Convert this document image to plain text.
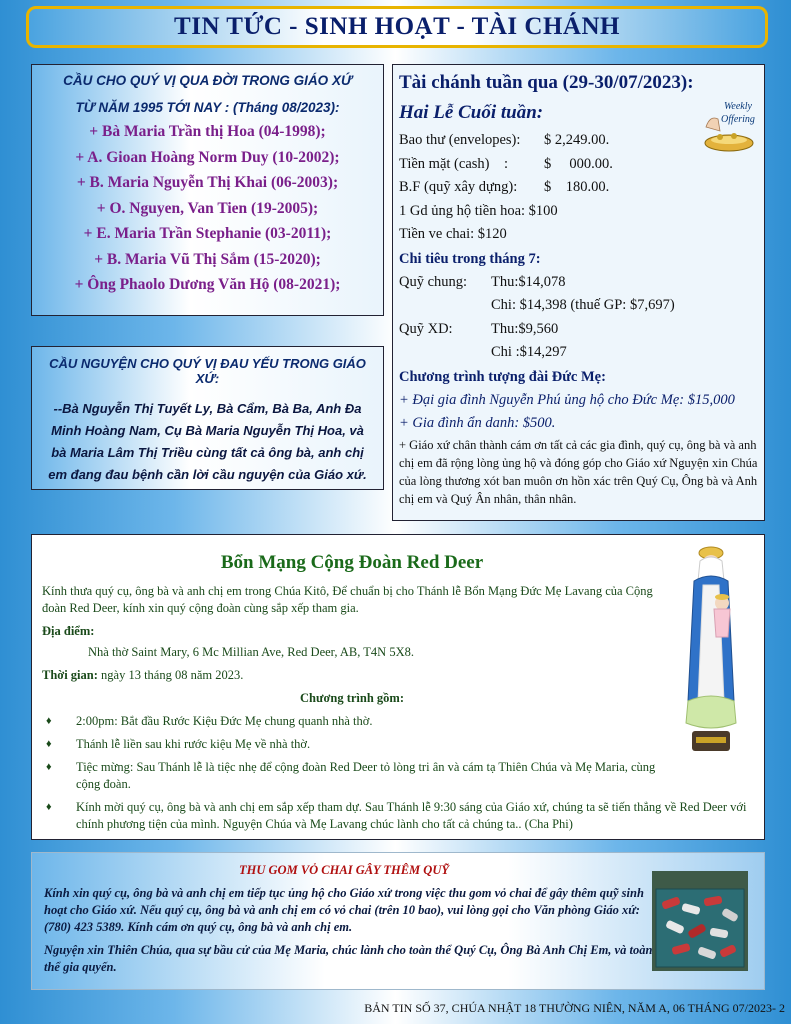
TIN TỨC - SINH HOẠT - TÀI CHÁNH
CẦU CHO QUÝ VỊ QUA ĐỜI TRONG GIÁO XỨ
TỪ NĂM 1995 TỚI NAY : (Tháng 08/2023):
+ Bà Maria Trần thị Hoa (04-1998);
+ A. Gioan Hoàng Norm Duy (10-2002);
+ B. Maria Nguyễn Thị Khai (06-2003);
+ O. Nguyen, Van Tien (19-2005);
+ E. Maria Trần Stephanie (03-2011);
+ B. Maria Vũ Thị Sắm (15-2020);
+ Ông Phaolo Dương Văn Hộ (08-2021);
CẦU NGUYỆN CHO QUÝ VỊ ĐAU YẾU TRONG GIÁO XỨ:
--Bà Nguyễn Thị Tuyết Ly, Bà Cẩm, Bà Ba, Anh Đa Minh Hoàng Nam, Cụ Bà Maria Nguyễn Thị Hoa, và bà Maria Lâm Thị Triều cùng tất cả ông bà, anh chị em đang đau bệnh cần lời cầu nguyện của Giáo xứ.
Tài chánh tuần qua (29-30/07/2023):
Hai Lễ Cuối tuần:	Weekly
Offering
Bao thư (envelopes): $ 2,249.00.
Tiền mặt (cash)    : $     000.00.
B.F (quỹ xây dựng): $    180.00.
1 Gd ủng hộ tiền hoa: $100
Tiền ve chai: $120
Chi tiêu trong tháng 7:
Quỹ chung: Thu:$14,078
Chi: $14,398 (thuế GP: $7,697)
Quỹ XD:	Thu:$9,560
Chi :$14,297
Chương trình tượng đài Đức Mẹ:
+ Đại gia đình Nguyễn Phú ủng hộ cho Đức Mẹ: $15,000
+ Gia đình ẩn danh: $500.
+ Giáo xứ chân thành cám ơn tất cả các gia đình, quý cụ, ông bà và anh chị em đã rộng lòng ủng hộ và đóng góp cho Giáo xứ Nguyện xin Chúa của lòng thương xót ban muôn ơn hồn xác trên Quý Cụ, Ông bà và Anh chị em và Quý Ân nhân, thân nhân.
Bổn Mạng Cộng Đoàn Red Deer
Kính thưa quý cụ, ông bà và anh chị em trong Chúa Kitô, Để chuẩn bị cho Thánh lễ Bổn Mạng Đức Mẹ Lavang của Cộng đoàn Red Deer, kính xin quý cộng đoàn cùng sắp xếp tham gia.
Địa điểm:
Nhà thờ Saint Mary, 6 Mc Millian Ave, Red Deer, AB, T4N 5X8.
Thời gian: ngày 13 tháng 08 năm 2023.
Chương trình gồm:
♦ 2:00pm: Bắt đầu Rước Kiệu Đức Mẹ chung quanh nhà thờ.
♦ Thánh lễ liền sau khi rước kiệu Mẹ về nhà thờ.
♦ Tiệc mừng: Sau Thánh lễ là tiệc nhẹ để cộng đoàn Red Deer tỏ lòng tri ân và cám tạ Thiên Chúa và Mẹ Maria, cùng cộng đoàn.
♦ Kính mời quý cụ, ông bà và anh chị em sắp xếp tham dự. Sau Thánh lễ 9:30 sáng của Giáo xứ, chúng ta sẽ tiến thẳng về Red Deer với chính phương tiện của mình. Nguyện Chúa và Mẹ Lavang chúc lành cho tất cả chúng ta.. (Cha Phi)
THU GOM VỎ CHAI GÂY THÊM QUỸ
Kính xin quý cụ, ông bà và anh chị em tiếp tục ủng hộ cho Giáo xứ trong việc thu gom vỏ chai để gây thêm quỹ sinh hoạt cho Giáo xứ. Nếu quý cụ, ông bà và anh chị em có vỏ chai (trên 10 bao), vui lòng gọi cho Văn phòng Giáo xứ: (780) 423 5389. Kính cám ơn quý cụ, ông bà và anh chị em.
Nguyện xin Thiên Chúa, qua sự bầu cử của Mẹ Maria, chúc lành cho toàn thể Quý Cụ, Ông Bà Anh Chị Em, và toàn thể gia quyến.
BẢN TIN SỐ 37, CHÚA NHẬT 18 THƯỜNG NIÊN, NĂM A, 06 THÁNG 07/2023- 2
